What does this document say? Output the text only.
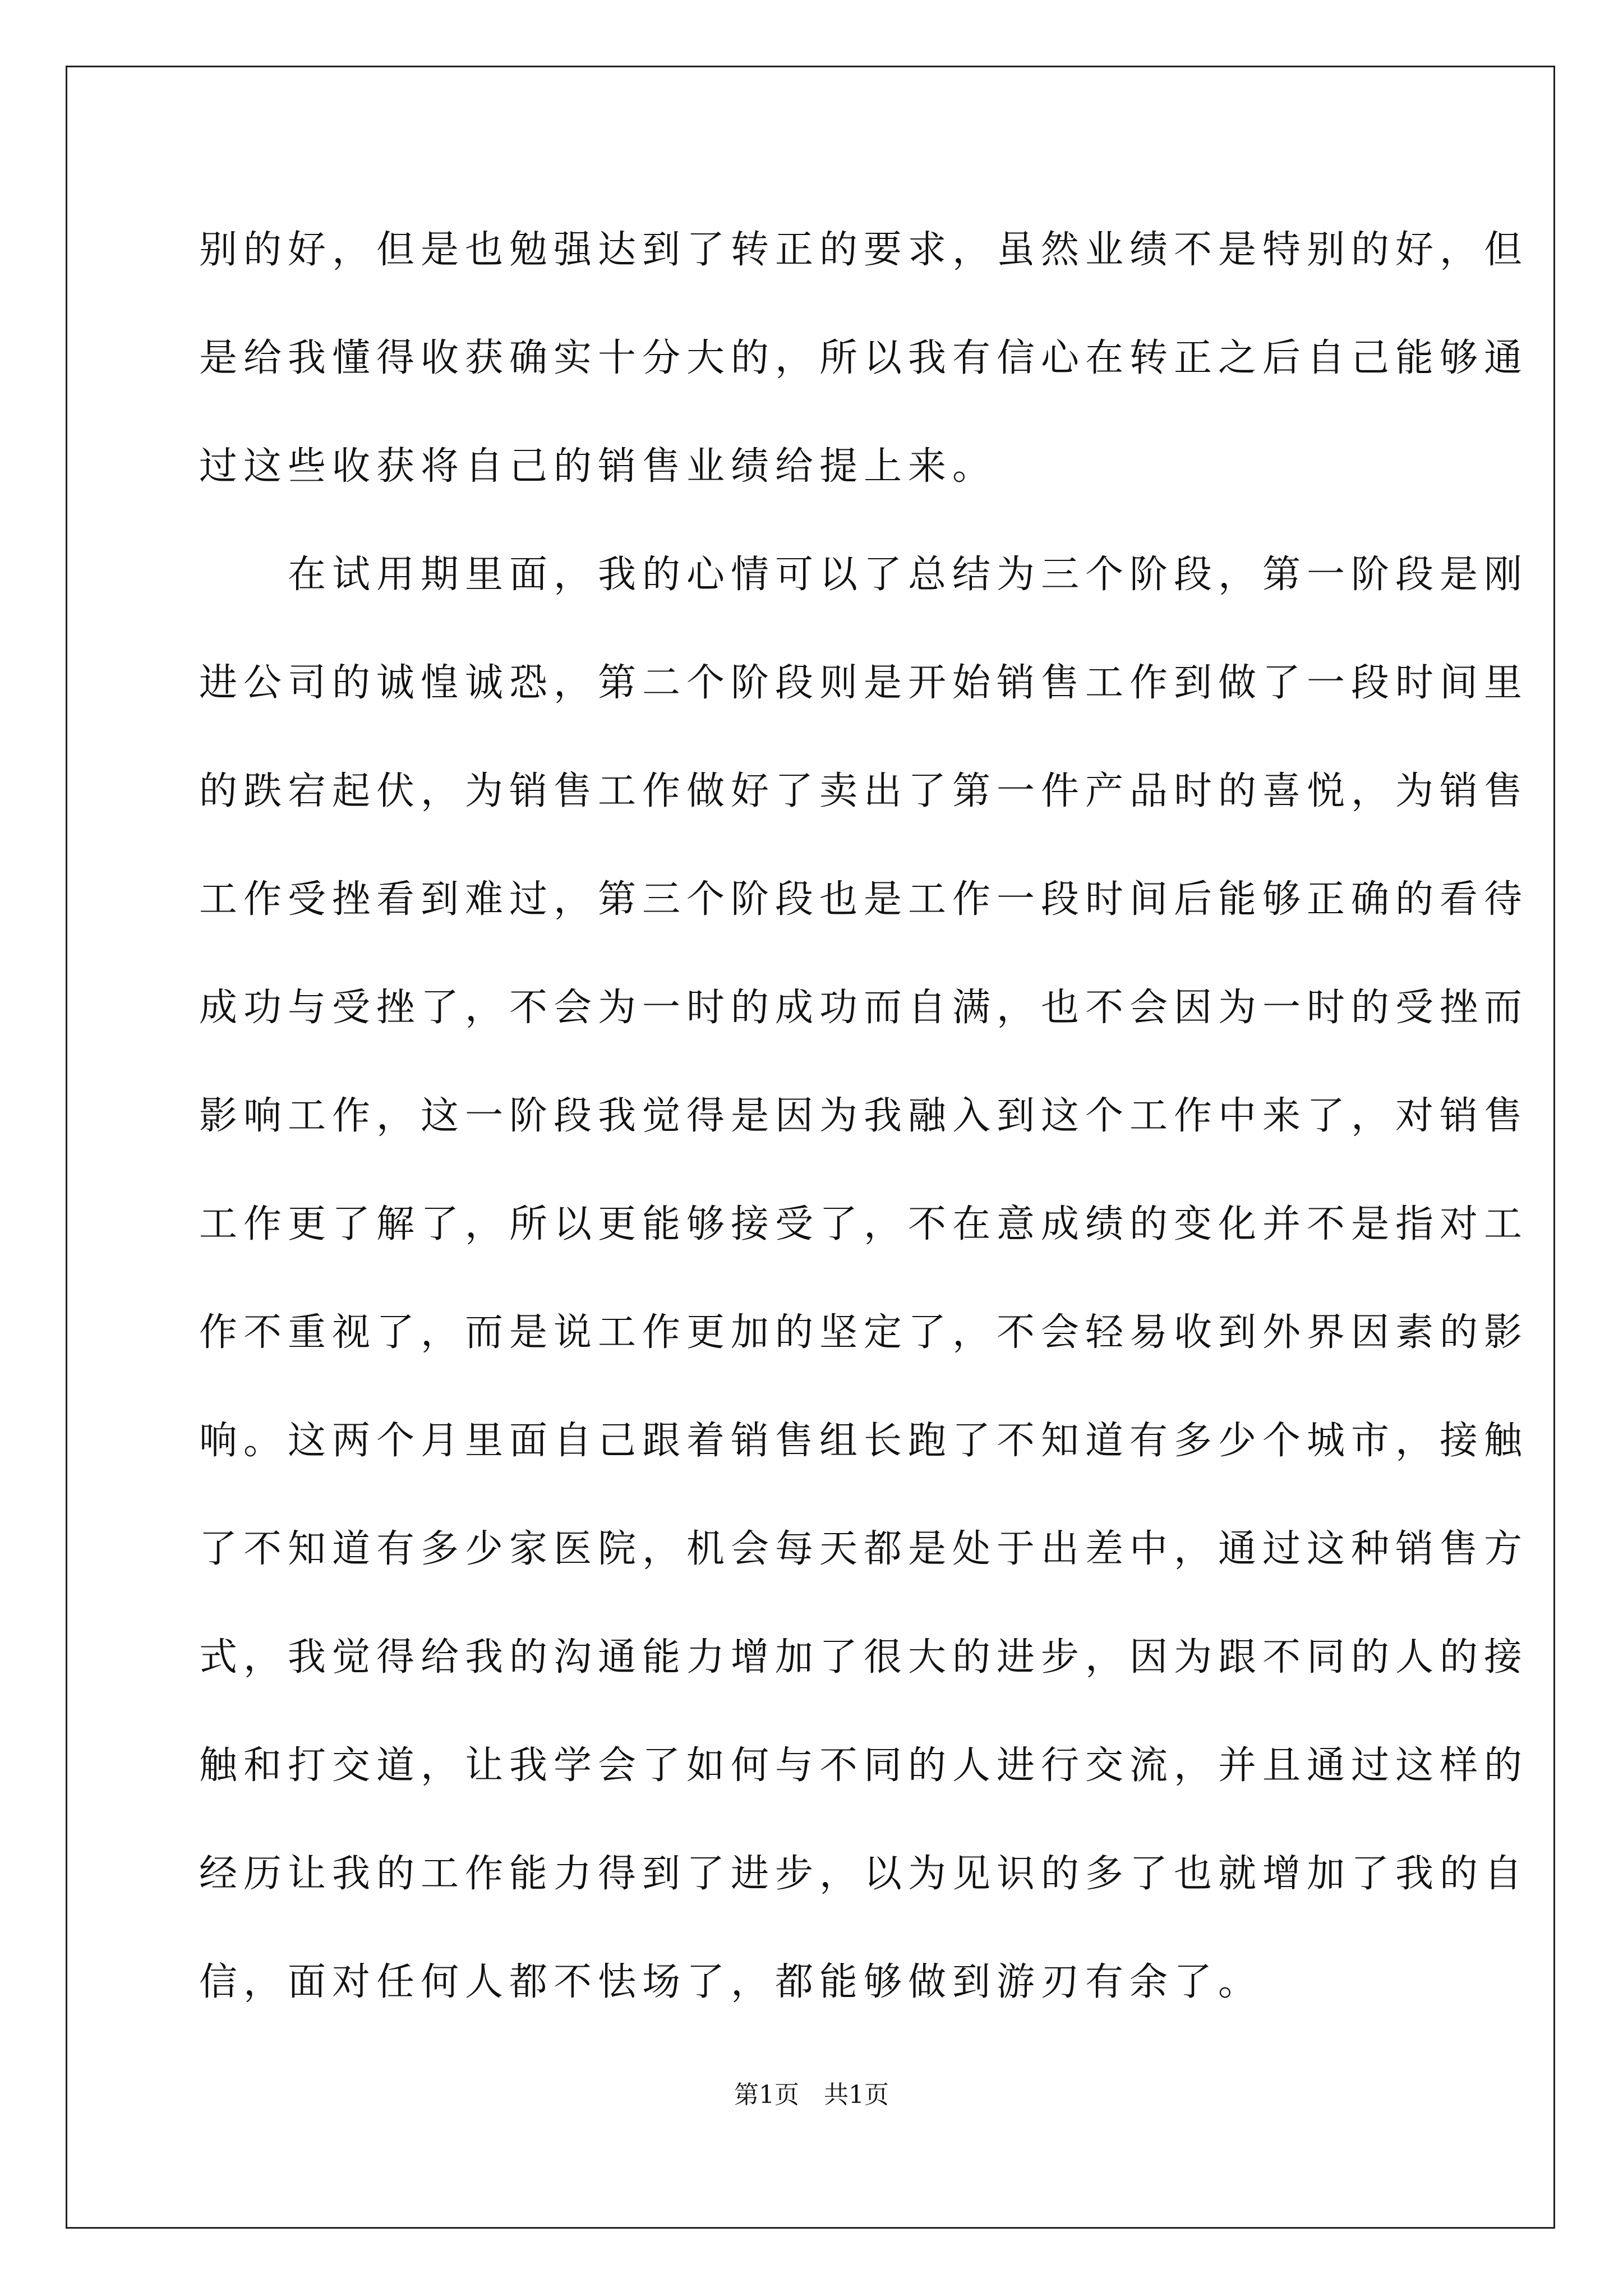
别的好，但是也勉强达到了转正的要求，虽然业绩不是特别的好，但
是给我懂得收获确实十分大的，所以我有信心在转正之后自己能够通
过这些收获将自己的销售业绩给提上来。
　　在试用期里面，我的心情可以了总结为三个阶段，第一阶段是刚
进公司的诚惶诚恐，第二个阶段则是开始销售工作到做了一段时间里
的跌宕起伏，为销售工作做好了卖出了第一件产品时的喜悦，为销售
工作受挫看到难过，第三个阶段也是工作一段时间后能够正确的看待
成功与受挫了，不会为一时的成功而自满，也不会因为一时的受挫而
影响工作，这一阶段我觉得是因为我融入到这个工作中来了，对销售
工作更了解了，所以更能够接受了，不在意成绩的变化并不是指对工
作不重视了，而是说工作更加的坚定了，不会轻易收到外界因素的影
响。这两个月里面自己跟着销售组长跑了不知道有多少个城市，接触
了不知道有多少家医院，机会每天都是处于出差中，通过这种销售方
式，我觉得给我的沟通能力增加了很大的进步，因为跟不同的人的接
触和打交道，让我学会了如何与不同的人进行交流，并且通过这样的
经历让我的工作能力得到了进步，以为见识的多了也就增加了我的自
信，面对任何人都不怯场了，都能够做到游刃有余了。
第1页　共1页
